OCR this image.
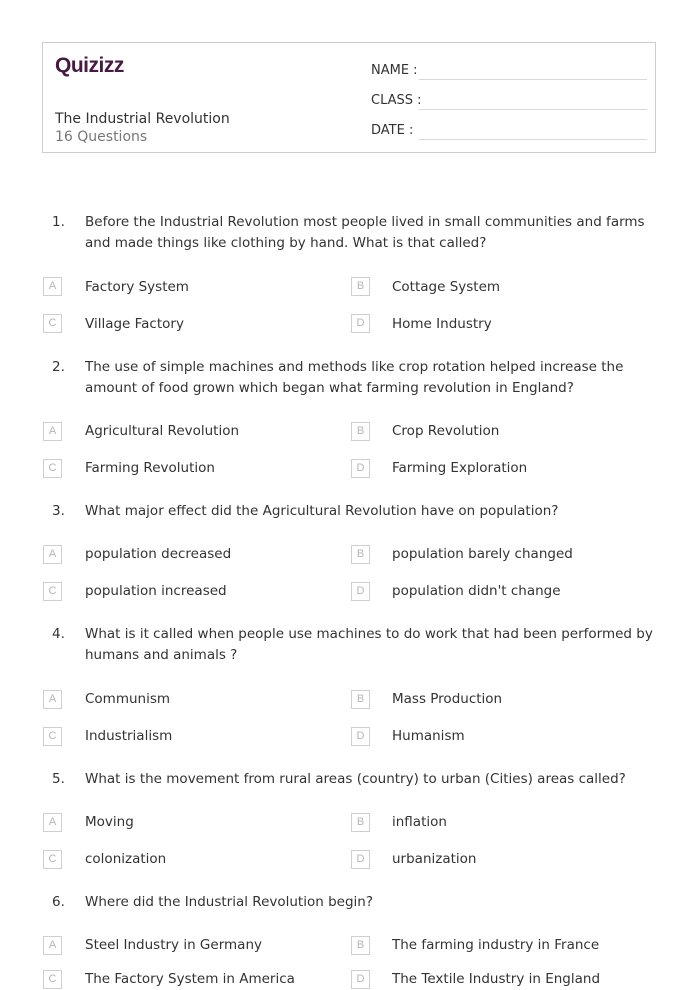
Quizizz
The Industrial Revolution
16 Questions
NAME :
CLASS :
DATE :
1.	Before the Industrial Revolution most people lived in small communities and farms and made things like clothing by hand. What is that called?
A	Factory System	B	Cottage System
C	Village Factory	D	Home Industry
2.	The use of simple machines and methods like crop rotation helped increase the amount of food grown which began what farming revolution in England?
A	Agricultural Revolution	B	Crop Revolution
C	Farming Revolution	D	Farming Exploration
3.	What major effect did the Agricultural Revolution have on population?
A	population decreased	B	population barely changed
C	population increased	D	population didn't change
4.	What is it called when people use machines to do work that had been performed by humans and animals ?
A	Communism	B	Mass Production
C	Industrialism	D	Humanism
5.	What is the movement from rural areas (country) to urban (Cities) areas called?
A	Moving	B	inflation
C	colonization	D	urbanization
6.	Where did the Industrial Revolution begin?
A	Steel Industry in Germany	B	The farming industry in France
C	The Factory System in America	D	The Textile Industry in England
